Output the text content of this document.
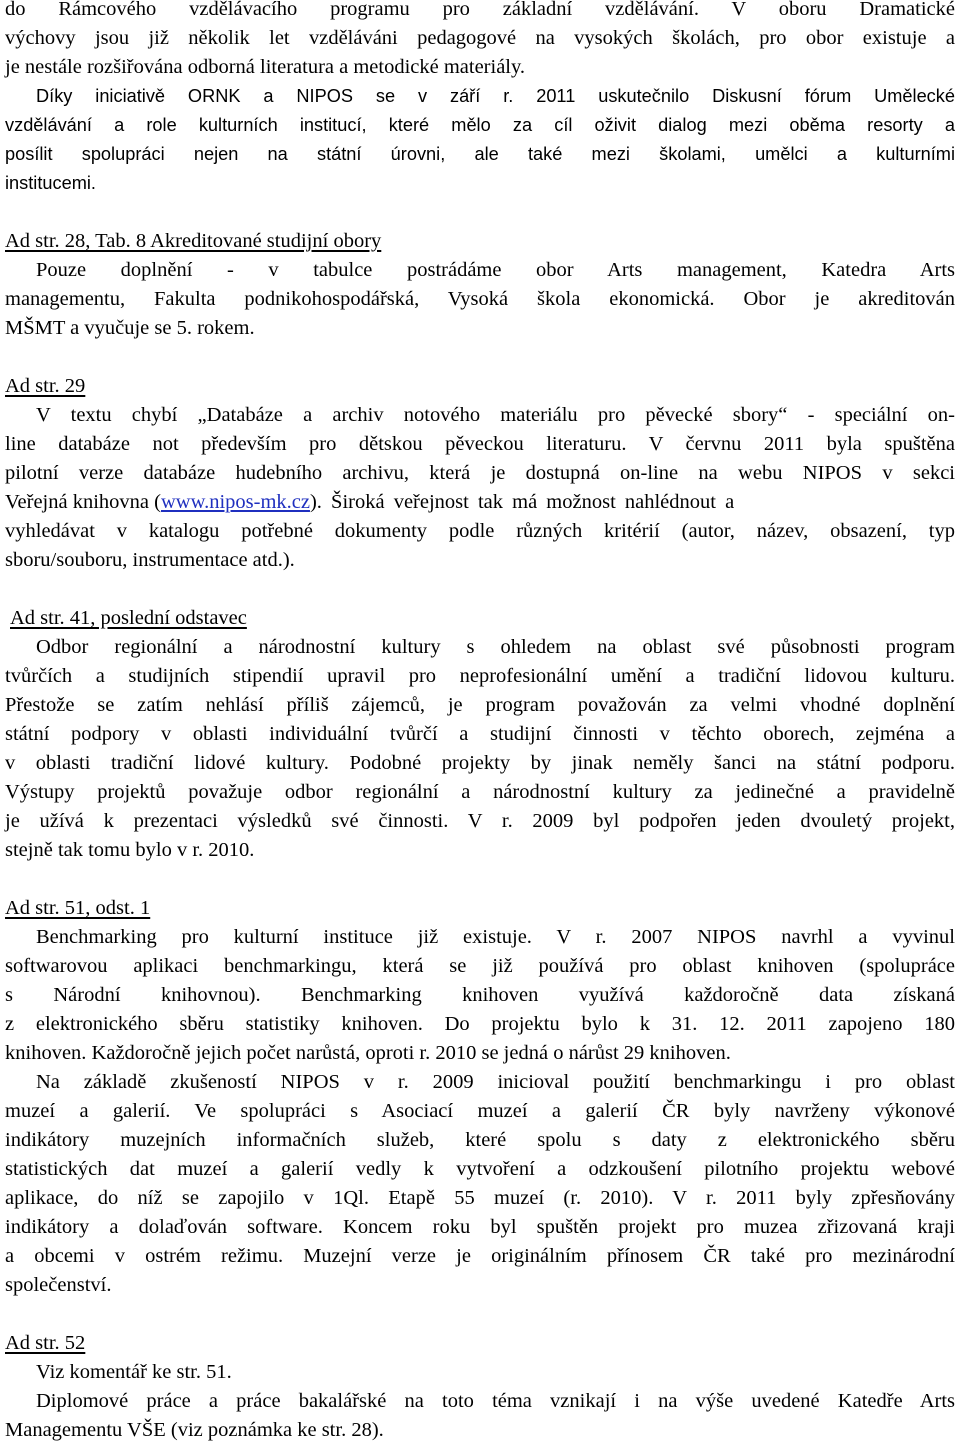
do Rámcového vzdělávacího programu pro základní vzdělávání. V oboru Dramatické
výchovy jsou již několik let vzděláváni pedagogové na vysokých školách, pro obor existuje a
je nestále rozšiřována odborná literatura a metodické materiály.
Díky iniciativě ORNK a NIPOS se v září r. 2011 uskutečnilo Diskusní fórum Umělecké
vzdělávání a role kulturních institucí, které mělo za cíl oživit dialog mezi oběma resorty a
posílit spolupráci nejen na státní úrovni, ale také mezi školami, umělci a kulturními
institucemi.
Ad str. 28, Tab. 8 Akreditované studijní obory
Pouze doplnění - v tabulce postrádáme obor Arts management, Katedra Arts
managementu, Fakulta podnikohospodářská, Vysoká škola ekonomická. Obor je akreditován
MŠMT a vyučuje se 5. rokem.
Ad str. 29
V textu chybí „Databáze a archiv notového materiálu pro pěvecké sbory“ - speciální on-
line databáze not především pro dětskou pěveckou literaturu. V červnu 2011 byla spuštěna
pilotní verze databáze hudebního archivu, která je dostupná on-line na webu NIPOS v sekci
Veřejná knihovna (www.nipos-mk.cz). Široká veřejnost tak má možnost nahlédnout a
vyhledávat v katalogu potřebné dokumenty podle různých kritérií (autor, název, obsazení, typ
sboru/souboru, instrumentace atd.).
Ad str. 41, poslední odstavec
Odbor regionální a národnostní kultury s ohledem na oblast své působnosti program
tvůrčích a studijních stipendií upravil pro neprofesionální umění a tradiční lidovou kulturu.
Přestože se zatím nehlásí příliš zájemců, je program považován za velmi vhodné doplnění
státní podpory v oblasti individuální tvůrčí a studijní činnosti v těchto oborech, zejména a
v oblasti tradiční lidové kultury. Podobné projekty by jinak neměly šanci na státní podporu.
Výstupy projektů považuje odbor regionální a národnostní kultury za jedinečné a pravidelně
je užívá k prezentaci výsledků své činnosti. V r. 2009 byl podpořen jeden dvouletý projekt,
stejně tak tomu bylo v r. 2010.
Ad str. 51, odst. 1
Benchmarking pro kulturní instituce již existuje. V r. 2007 NIPOS navrhl a vyvinul
softwarovou aplikaci benchmarkingu, která se již používá pro oblast knihoven (spolupráce
s Národní knihovnou). Benchmarking knihoven využívá každoročně data získaná
z elektronického sběru statistiky knihoven. Do projektu bylo k 31. 12. 2011 zapojeno 180
knihoven. Každoročně jejich počet narůstá, oproti r. 2010 se jedná o nárůst 29 knihoven.
Na základě zkušeností NIPOS v r. 2009 inicioval použití benchmarkingu i pro oblast
muzeí a galerií. Ve spolupráci s Asociací muzeí a galerií ČR byly navrženy výkonové
indikátory muzejních informačních služeb, které spolu s daty z elektronického sběru
statistických dat muzeí a galerií vedly k vytvoření a odzkoušení pilotního projektu webové
aplikace, do níž se zapojilo v 1Ql. Etapě 55 muzeí (r. 2010). V r. 2011 byly zpřesňovány
indikátory a dolaďován software. Koncem roku byl spuštěn projekt pro muzea zřizovaná kraji
a obcemi v ostrém režimu. Muzejní verze je originálním přínosem ČR také pro mezinárodní
společenství.
Ad str. 52
Viz komentář ke str. 51.
Diplomové práce a práce bakalářské na toto téma vznikají i na výše uvedené Katedře Arts
Managementu VŠE (viz poznámka ke str. 28).
